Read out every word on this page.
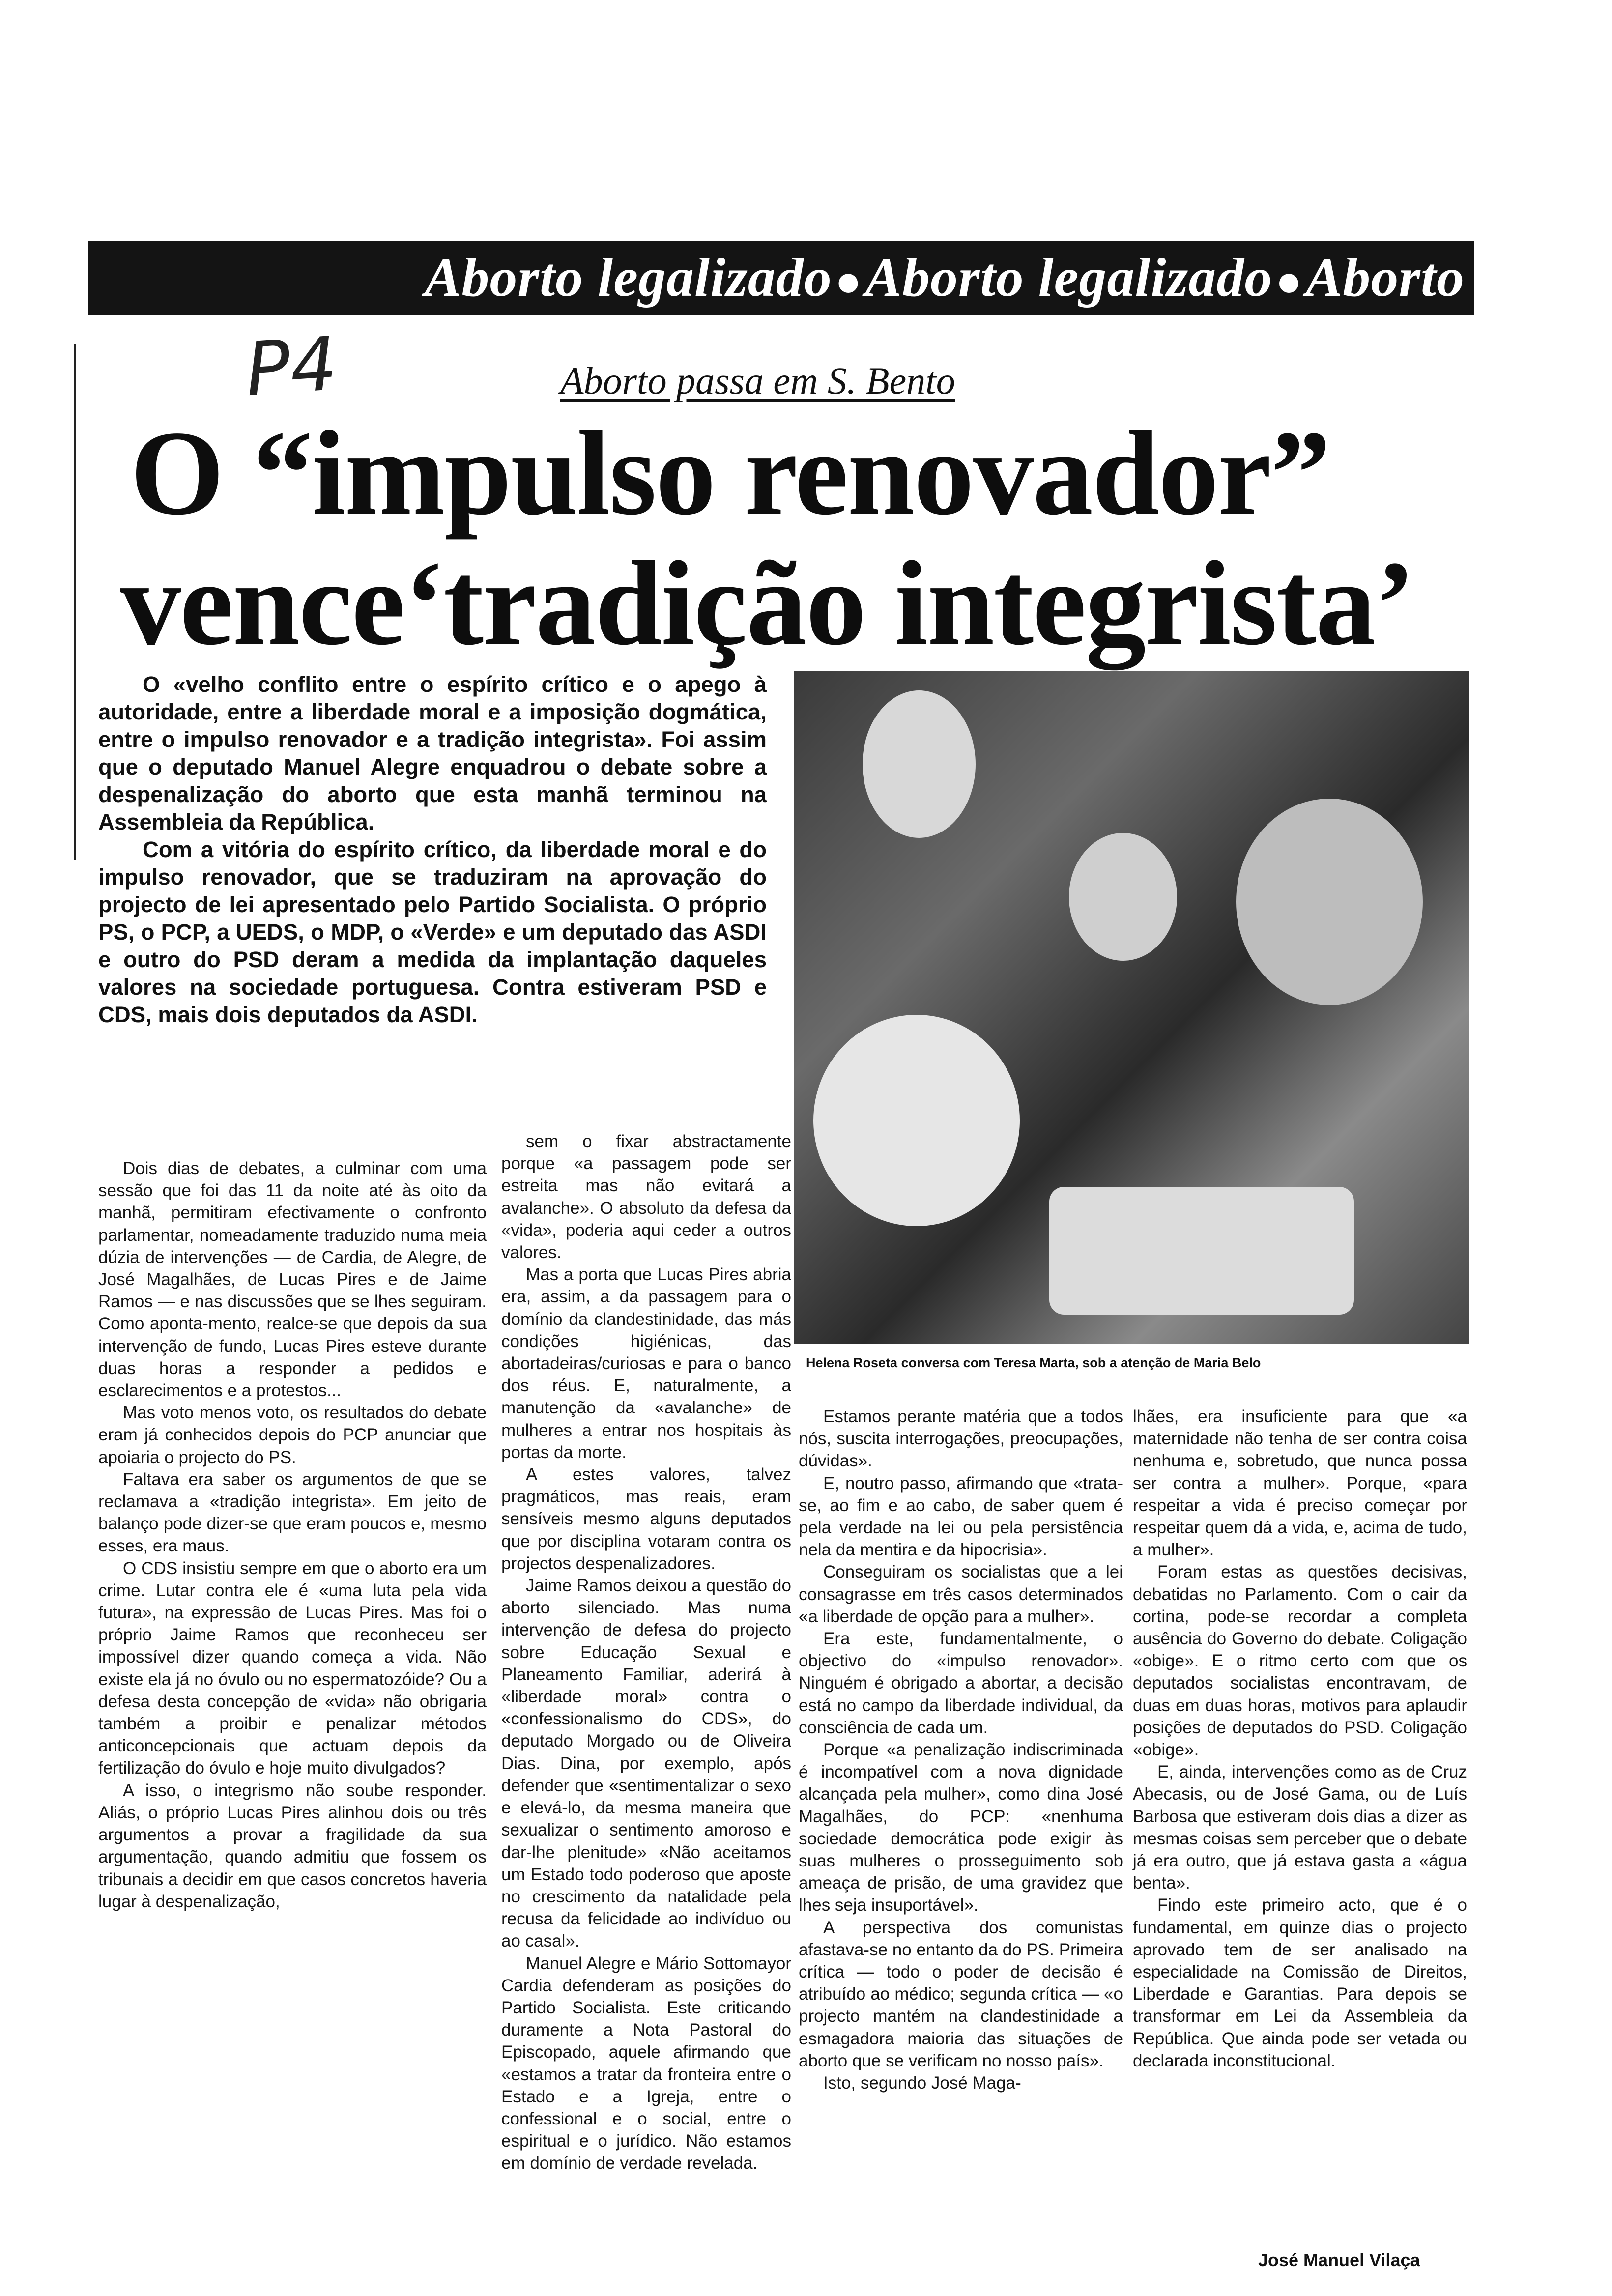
Aborto legalizado●Aborto legalizado●Aborto
P4	Aborto passa em S. Bento
O “impulso renovador”
vence‘tradição integrista’

O «velho conflito entre o espírito crítico e o apego à autoridade, entre a liberdade moral e a imposição dogmática, entre o impulso renovador e a tradição integrista». Foi assim que o deputado Manuel Alegre enquadrou o debate sobre a despenalização do aborto que esta manhã terminou na Assembleia da República.

Com a vitória do espírito crítico, da liberdade moral e do impulso renovador, que se traduziram na aprovação do projecto de lei apresentado pelo Partido Socialista. O próprio PS, o PCP, a UEDS, o MDP, o «Verde» e um deputado das ASDI e outro do PSD deram a medida da implantação daqueles valores na sociedade portuguesa. Contra estiveram PSD e CDS, mais dois deputados da ASDI.

Helena Roseta conversa com Teresa Marta, sob a atenção de Maria Belo

Dois dias de debates, a culminar com uma sessão que foi das 11 da noite até às oito da manhã, permitiram efectivamente o confronto parlamentar, nomeadamente traduzido numa meia dúzia de intervenções — de Cardia, de Alegre, de José Magalhães, de Lucas Pires e de Jaime Ramos — e nas discussões que se lhes seguiram. Como aponta-mento, realce-se que depois da sua intervenção de fundo, Lucas Pires esteve durante duas horas a responder a pedidos e esclarecimentos e a protestos...

Mas voto menos voto, os resultados do debate eram já conhecidos depois do PCP anunciar que apoiaria o projecto do PS.

Faltava era saber os argumentos de que se reclamava a «tradição integrista». Em jeito de balanço pode dizer-se que eram poucos e, mesmo esses, era maus.

O CDS insistiu sempre em que o aborto era um crime. Lutar contra ele é «uma luta pela vida futura», na expressão de Lucas Pires. Mas foi o próprio Jaime Ramos que reconheceu ser impossível dizer quando começa a vida. Não existe ela já no óvulo ou no espermatozóide? Ou a defesa desta concepção de «vida» não obrigaria também a proibir e penalizar métodos anticoncepcionais que actuam depois da fertilização do óvulo e hoje muito divulgados?

A isso, o integrismo não soube responder. Aliás, o próprio Lucas Pires alinhou dois ou três argumentos a provar a fragilidade da sua argumentação, quando admitiu que fossem os tribunais a decidir em que casos concretos haveria lugar à despenalização,

sem o fixar abstractamente porque «a passagem pode ser estreita mas não evitará a avalanche». O absoluto da defesa da «vida», poderia aqui ceder a outros valores.

Mas a porta que Lucas Pires abria era, assim, a da passagem para o domínio da clandestinidade, das más condições higiénicas, das abortadeiras/curiosas e para o banco dos réus. E, naturalmente, a manutenção da «avalanche» de mulheres a entrar nos hospitais às portas da morte.

A estes valores, talvez pragmáticos, mas reais, eram sensíveis mesmo alguns deputados que por disciplina votaram contra os projectos despenalizadores.

Jaime Ramos deixou a questão do aborto silenciado. Mas numa intervenção de defesa do projecto sobre Educação Sexual e Planeamento Familiar, aderirá à «liberdade moral» contra o «confessionalismo do CDS», do deputado Morgado ou de Oliveira Dias. Dina, por exemplo, após defender que «sentimentalizar o sexo e elevá-lo, da mesma maneira que sexualizar o sentimento amoroso e dar-lhe plenitude» «Não aceitamos um Estado todo poderoso que aposte no crescimento da natalidade pela recusa da felicidade ao indivíduo ou ao casal».

Manuel Alegre e Mário Sottomayor Cardia defenderam as posições do Partido Socialista. Este criticando duramente a Nota Pastoral do Episcopado, aquele afirmando que «estamos a tratar da fronteira entre o Estado e a Igreja, entre o confessional e o social, entre o espiritual e o jurídico. Não estamos em domínio de verdade revelada.

Estamos perante matéria que a todos nós, suscita interrogações, preocupações, dúvidas».

E, noutro passo, afirmando que «trata-se, ao fim e ao cabo, de saber quem é pela verdade na lei ou pela persistência nela da mentira e da hipocrisia».

Conseguiram os socialistas que a lei consagrasse em três casos determinados «a liberdade de opção para a mulher».

Era este, fundamentalmente, o objectivo do «impulso renovador». Ninguém é obrigado a abortar, a decisão está no campo da liberdade individual, da consciência de cada um.

Porque «a penalização indiscriminada é incompatível com a nova dignidade alcançada pela mulher», como dina José Magalhães, do PCP: «nenhuma sociedade democrática pode exigir às suas mulheres o prosseguimento sob ameaça de prisão, de uma gravidez que lhes seja insuportável».

A perspectiva dos comunistas afastava-se no entanto da do PS. Primeira crítica — todo o poder de decisão é atribuído ao médico; segunda crítica — «o projecto mantém na clandestinidade a esmagadora maioria das situações de aborto que se verificam no nosso país».

Isto, segundo José Maga-

lhães, era insuficiente para que «a maternidade não tenha de ser contra coisa nenhuma e, sobretudo, que nunca possa ser contra a mulher». Porque, «para respeitar a vida é preciso começar por respeitar quem dá a vida, e, acima de tudo, a mulher».

Foram estas as questões decisivas, debatidas no Parlamento. Com o cair da cortina, pode-se recordar a completa ausência do Governo do debate. Coligação «obige». E o ritmo certo com que os deputados socialistas encontravam, de duas em duas horas, motivos para aplaudir posições de deputados do PSD. Coligação «obige».

E, ainda, intervenções como as de Cruz Abecasis, ou de José Gama, ou de Luís Barbosa que estiveram dois dias a dizer as mesmas coisas sem perceber que o debate já era outro, que já estava gasta a «água benta».

Findo este primeiro acto, que é o fundamental, em quinze dias o projecto aprovado tem de ser analisado na especialidade na Comissão de Direitos, Liberdade e Garantias. Para depois se transformar em Lei da Assembleia da República. Que ainda pode ser vetada ou declarada inconstitucional.

José Manuel Vilaça
